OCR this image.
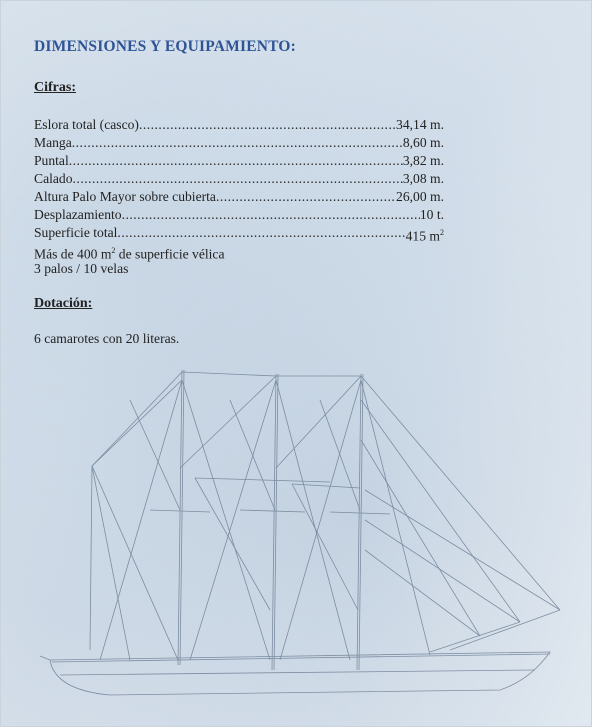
DIMENSIONES Y EQUIPAMIENTO:
Cifras:
Eslora total (casco) .....	34,14 m.
Manga .....	8,60 m.
Puntal .....	3,82 m.
Calado .....	3,08 m.
Altura Palo Mayor sobre cubierta .....	26,00 m.
Desplazamiento .....	10 t.
Superficie total .....	415 $m^2$
Más de 400 $m^2$ de superficie vélica
3 palos / 10 velas
Dotación:

6 camarotes con 20 literas.
